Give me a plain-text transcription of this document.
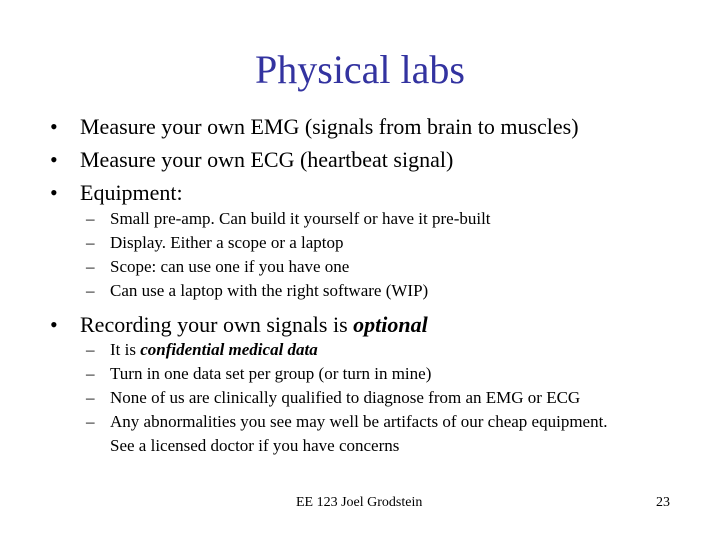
Physical labs
• Measure your own EMG (signals from brain to muscles)
• Measure your own ECG (heartbeat signal)
• Equipment:
– Small pre-amp. Can build it yourself or have it pre-built
– Display. Either a scope or a laptop
– Scope: can use one if you have one
– Can use a laptop with the right software (WIP)
• Recording your own signals is optional
– It is confidential medical data
– Turn in one data set per group (or turn in mine)
– None of us are clinically qualified to diagnose from an EMG or ECG
– Any abnormalities you see may well be artifacts of our cheap equipment.
See a licensed doctor if you have concerns
EE 123 Joel Grodstein	23
